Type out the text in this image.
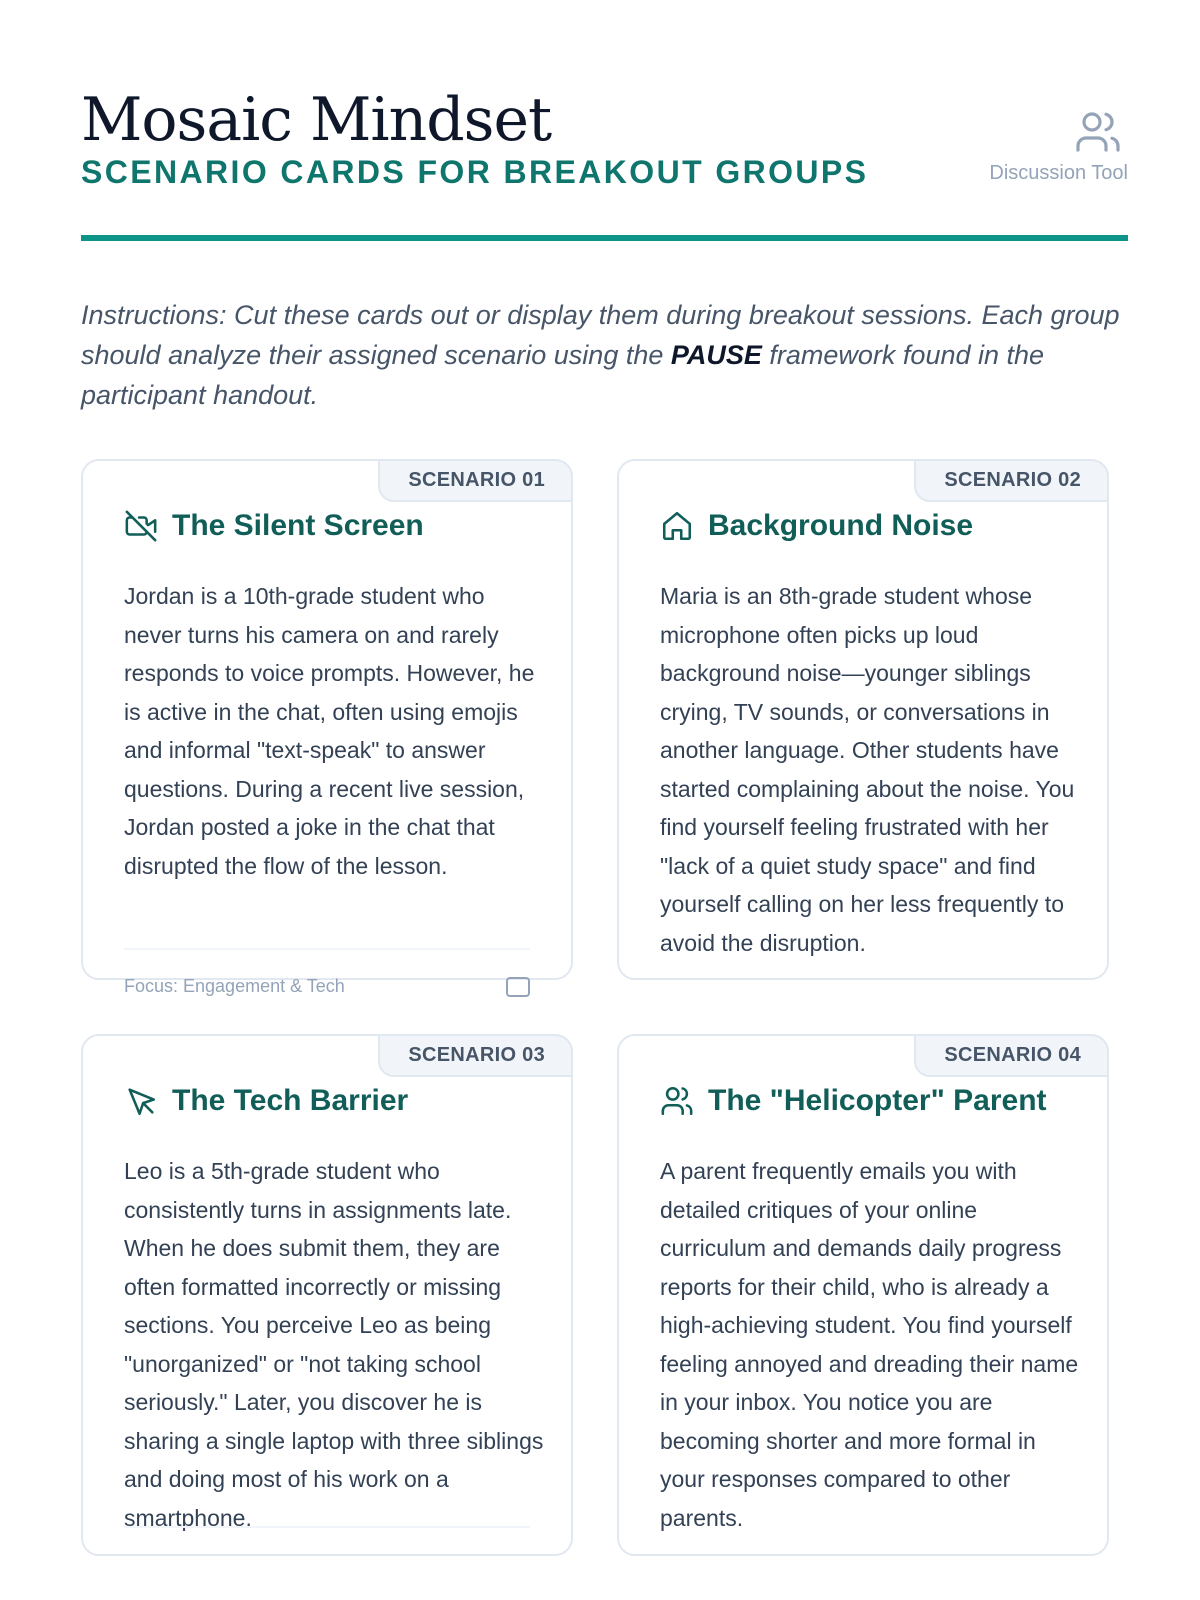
Mosaic Mindset
SCENARIO CARDS FOR BREAKOUT GROUPS	Discussion Tool

Instructions: Cut these cards out or display them during breakout sessions. Each group should analyze their assigned scenario using the PAUSE framework found in the participant handout.

SCENARIO 01
The Silent Screen
Jordan is a 10th-grade student who never turns his camera on and rarely responds to voice prompts. However, he is active in the chat, often using emojis and informal "text-speak" to answer questions. During a recent live session, Jordan posted a joke in the chat that disrupted the flow of the lesson.
Focus: Engagement & Tech
SCENARIO 02
Background Noise
Maria is an 8th-grade student whose microphone often picks up loud background noise—younger siblings crying, TV sounds, or conversations in another language. Other students have started complaining about the noise. You find yourself feeling frustrated with her "lack of a quiet study space" and find yourself calling on her less frequently to avoid the disruption.
SCENARIO 03
The Tech Barrier
Leo is a 5th-grade student who consistently turns in assignments late. When he does submit them, they are often formatted incorrectly or missing sections. You perceive Leo as being "unorganized" or "not taking school seriously." Later, you discover he is sharing a single laptop with three siblings and doing most of his work on a smartphone.
SCENARIO 04
The "Helicopter" Parent
A parent frequently emails you with detailed critiques of your online curriculum and demands daily progress reports for their child, who is already a high-achieving student. You find yourself feeling annoyed and dreading their name in your inbox. You notice you are becoming shorter and more formal in your responses compared to other parents.
